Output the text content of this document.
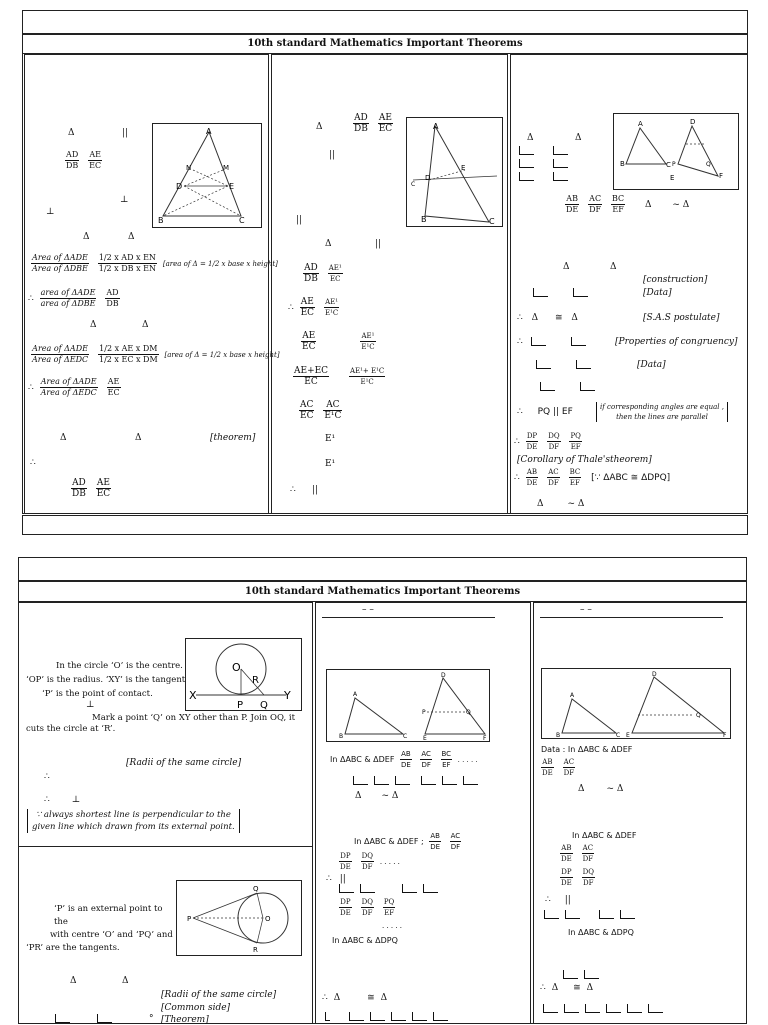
10th standard Mathematics Important Theorems
A
N	M
D	E
B	C
Δ	||
$\frac{AD}{DB}$
$\frac{AE}{EC}$
⊥
⊥
Δ	Δ
$\frac{\text{Area of ΔADE}}{\text{Area of ΔDBE}}$
$\frac{\text{1/2 x AD x EN}}{\text{1/2 x DB x EN}}$ [area of Δ = 1/2 x base x height]
∴ $\frac{\text{area of ΔADE}}{\text{area of ΔDBE}}$
$\frac{AD}{DB}$
Δ	Δ
$\frac{\text{Area of ΔADE}}{\text{Area of ΔEDC}}$
$\frac{\text{1/2 x AE x DM}}{\text{1/2 x EC x DM}}$ [area of Δ = 1/2 x base x height]
∴ $\frac{\text{Area of ΔADE}}{\text{Area of ΔEDC}}$
$\frac{AE}{EC}$
Δ	Δ	[theorem]
∴
$\frac{AD}{DB}$
$\frac{AE}{EC}$
Δ	$\frac{AD}{DB}$
$\frac{AE}{EC}$
||
A
D
E
C
B	C
||
Δ	||
$\frac{AD}{DB}$
$\frac{\text{AE¹}}{EC}$
∴ $\frac{AE}{EC}$
$\frac{\text{AE¹}}{\text{E¹C}}$
$\frac{AE}{EC}$
	$\frac{\text{AE¹}}{\text{E¹C}}$
$\frac{AE+EC}{EC}$
	$\frac{\text{AE¹+ E¹C}}{\text{E¹C}}$
$\frac{AC}{EC}$
$\frac{AC}{\text{E¹C}}$
E¹
E¹
∴ ||
Δ	Δ

A	D
B	C P	Q
E	F
$\frac{AB}{DE}$
$\frac{AC}{DF}$
$\frac{BC}{EF}$ Δ ~ Δ
Δ	Δ
[construction]
[Data]
∴ Δ ≅ Δ	[S.A.S postulate]
∴	[Properties of congruency]
[Data]
∴ PQ || EF	if corresponding angles are equal ,
then the lines are parallel
∴ $\frac{DP}{DE}$
$\frac{DQ}{DF}$
$\frac{PQ}{EF}$
[Corollary of Thale'stheorem]
∴ $\frac{AB}{DE}$
$\frac{AC}{DF}$
$\frac{BC}{EF}$ [∵ ΔABC ≅ ΔDPQ]
Δ	~ Δ
10th standard Mathematics Important Theorems
In the circle ‘O’ is the centre.
‘OP’ is the radius. ‘XY’ is the tangent
‘P’ is the point of contact.
O
R
X	Y
P Q
⊥
Mark a point ‘Q’ on XY other than P. Join OQ, it
cuts the circle at ‘R’.
[Radii of the same circle]
∴
∴ ⊥
∵ always shortest line is perpendicular to the
given line which drawn from its external point.
‘P’ is an external point to the
with centre ‘O’ and ‘PQ’ and
‘PR’ are the tangents.
P
Q
R
O
Δ	Δ
[Radii of the same circle]
[Common side]
° [Theorem]
– –
A
D
B	C
P	Q
E	F
In ΔABC & ΔDEF $\frac{AB}{DE}$
$\frac{AC}{DF}$
$\frac{BC}{EF}$ . . . . .
Δ ~ Δ
In ΔABC & ΔDEF ; $\frac{AB}{DE}$
$\frac{AC}{DF}$
$\frac{DP}{DE}$
$\frac{DQ}{DF}$ . . . . .
∴ ||
$\frac{DP}{DE}$
$\frac{DQ}{DF}$
$\frac{PQ}{EF}$
. . . . .
In ΔABC & ΔDPQ
∴ Δ	≅ Δ
– –
A
D
B	C
Q
E	F
Data : In ΔABC & ΔDEF
$\frac{AB}{DE}$
$\frac{AC}{DF}$
Δ ~ Δ
In ΔABC & ΔDEF
$\frac{AB}{DE}$
$\frac{AC}{DF}$
$\frac{DP}{DE}$
$\frac{DQ}{DF}$
∴ ||
In ΔABC & ΔDPQ
∴ Δ ≅ Δ
